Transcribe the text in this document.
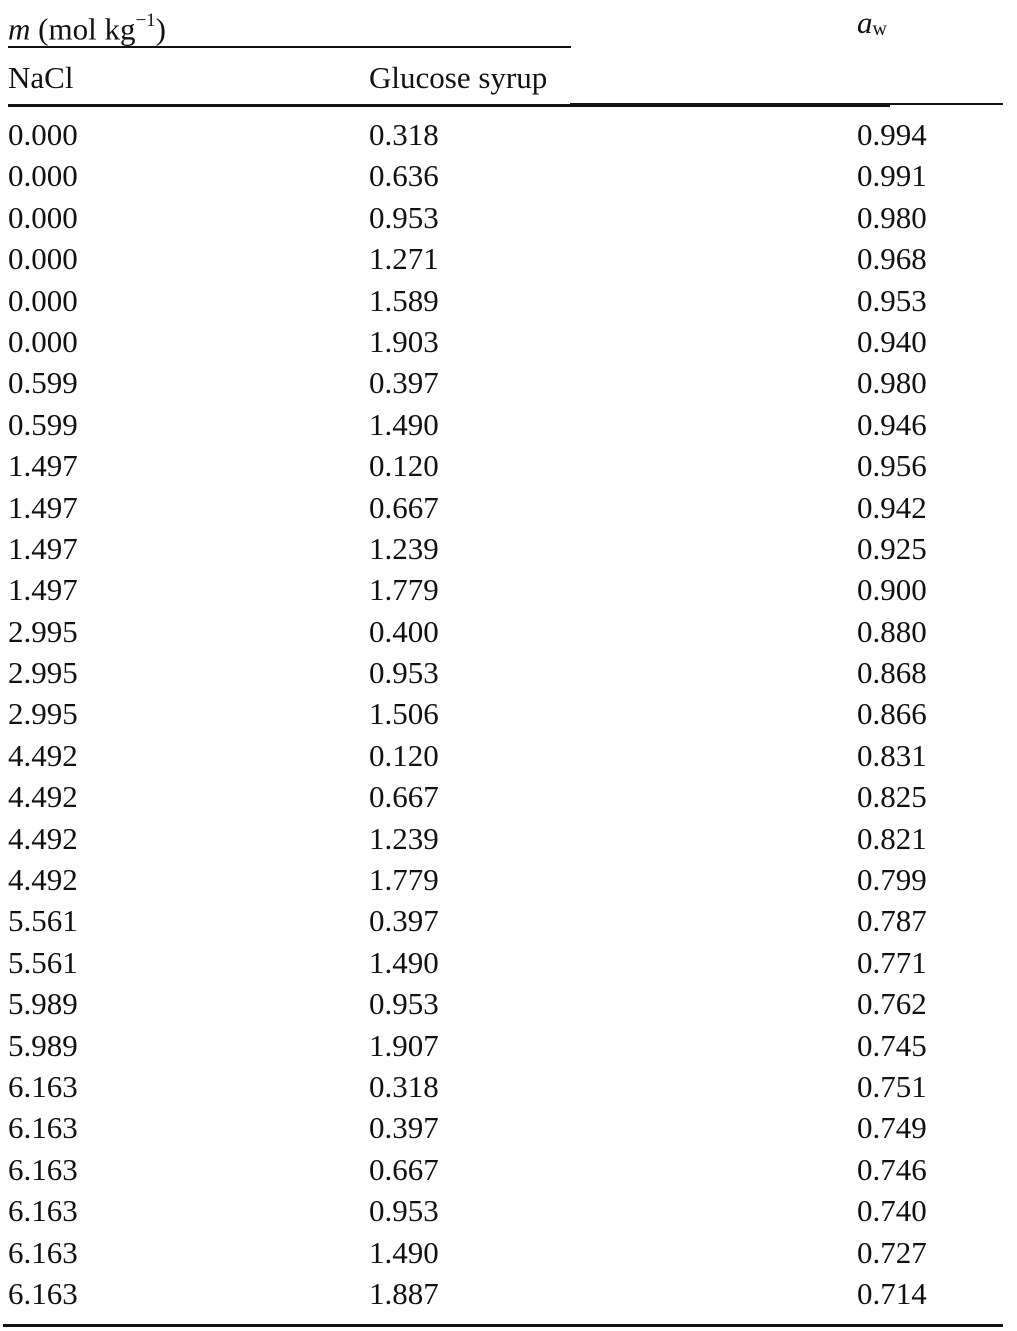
m (mol $kg^{-1}$)	$a_w$
NaCl	Glucose syrup
0.000	0.318	0.994
0.000	0.636	0.991
0.000	0.953	0.980
0.000	1.271	0.968
0.000	1.589	0.953
0.000	1.903	0.940
0.599	0.397	0.980
0.599	1.490	0.946
1.497	0.120	0.956
1.497	0.667	0.942
1.497	1.239	0.925
1.497	1.779	0.900
2.995	0.400	0.880
2.995	0.953	0.868
2.995	1.506	0.866
4.492	0.120	0.831
4.492	0.667	0.825
4.492	1.239	0.821
4.492	1.779	0.799
5.561	0.397	0.787
5.561	1.490	0.771
5.989	0.953	0.762
5.989	1.907	0.745
6.163	0.318	0.751
6.163	0.397	0.749
6.163	0.667	0.746
6.163	0.953	0.740
6.163	1.490	0.727
6.163	1.887	0.714
